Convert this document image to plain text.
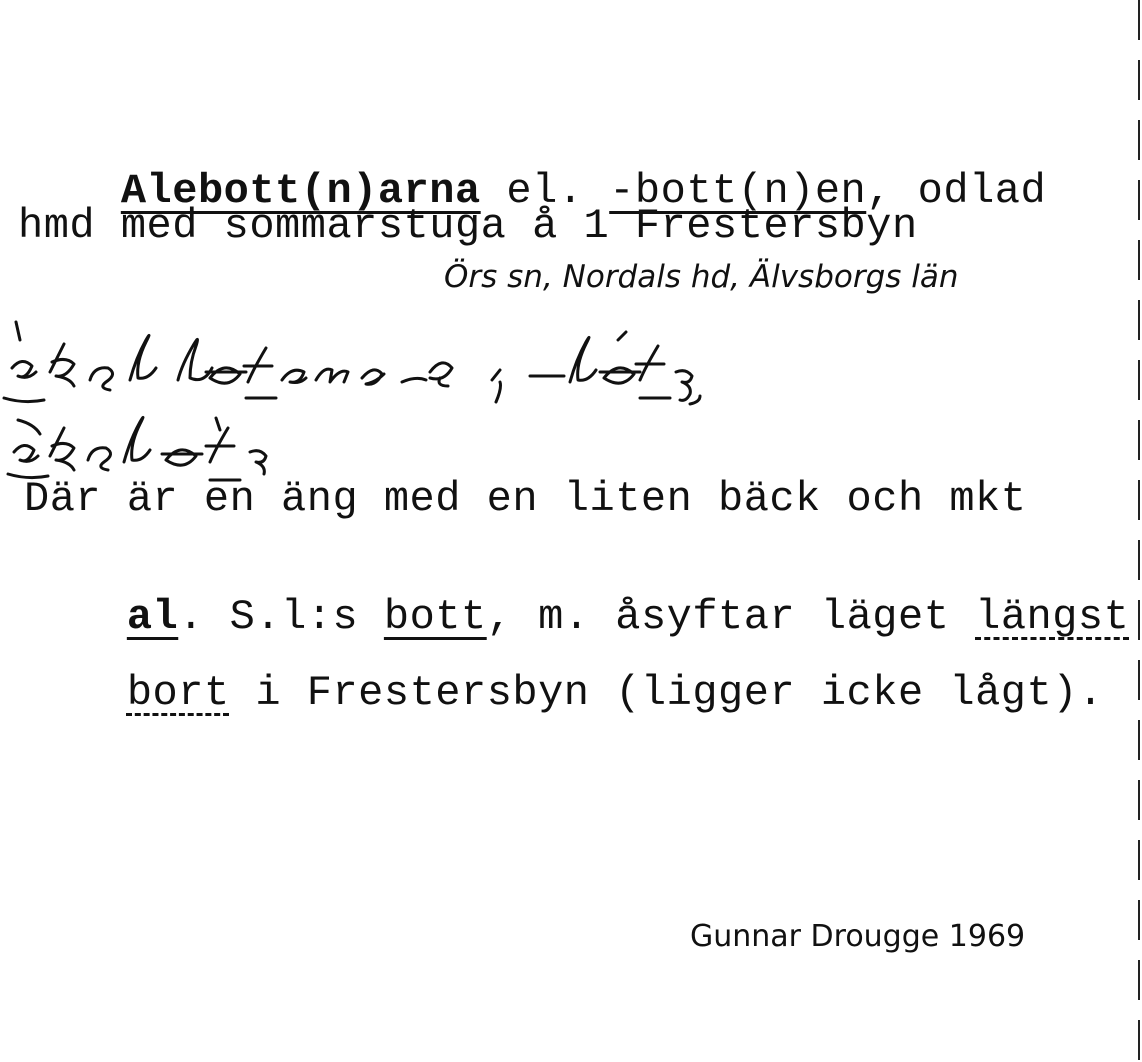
Alebott(n)arna el. -bott(n)en, odlad

hmd med sommarstuga å 1 Frestersbyn
Örs sn, Nordals hd, Älvsborgs län
Där är en äng med en liten bäck och mkt

al. S.l:s bott, m. åsyftar läget längst

bort i Frestersbyn (ligger icke lågt).

Gunnar Drougge 1969
